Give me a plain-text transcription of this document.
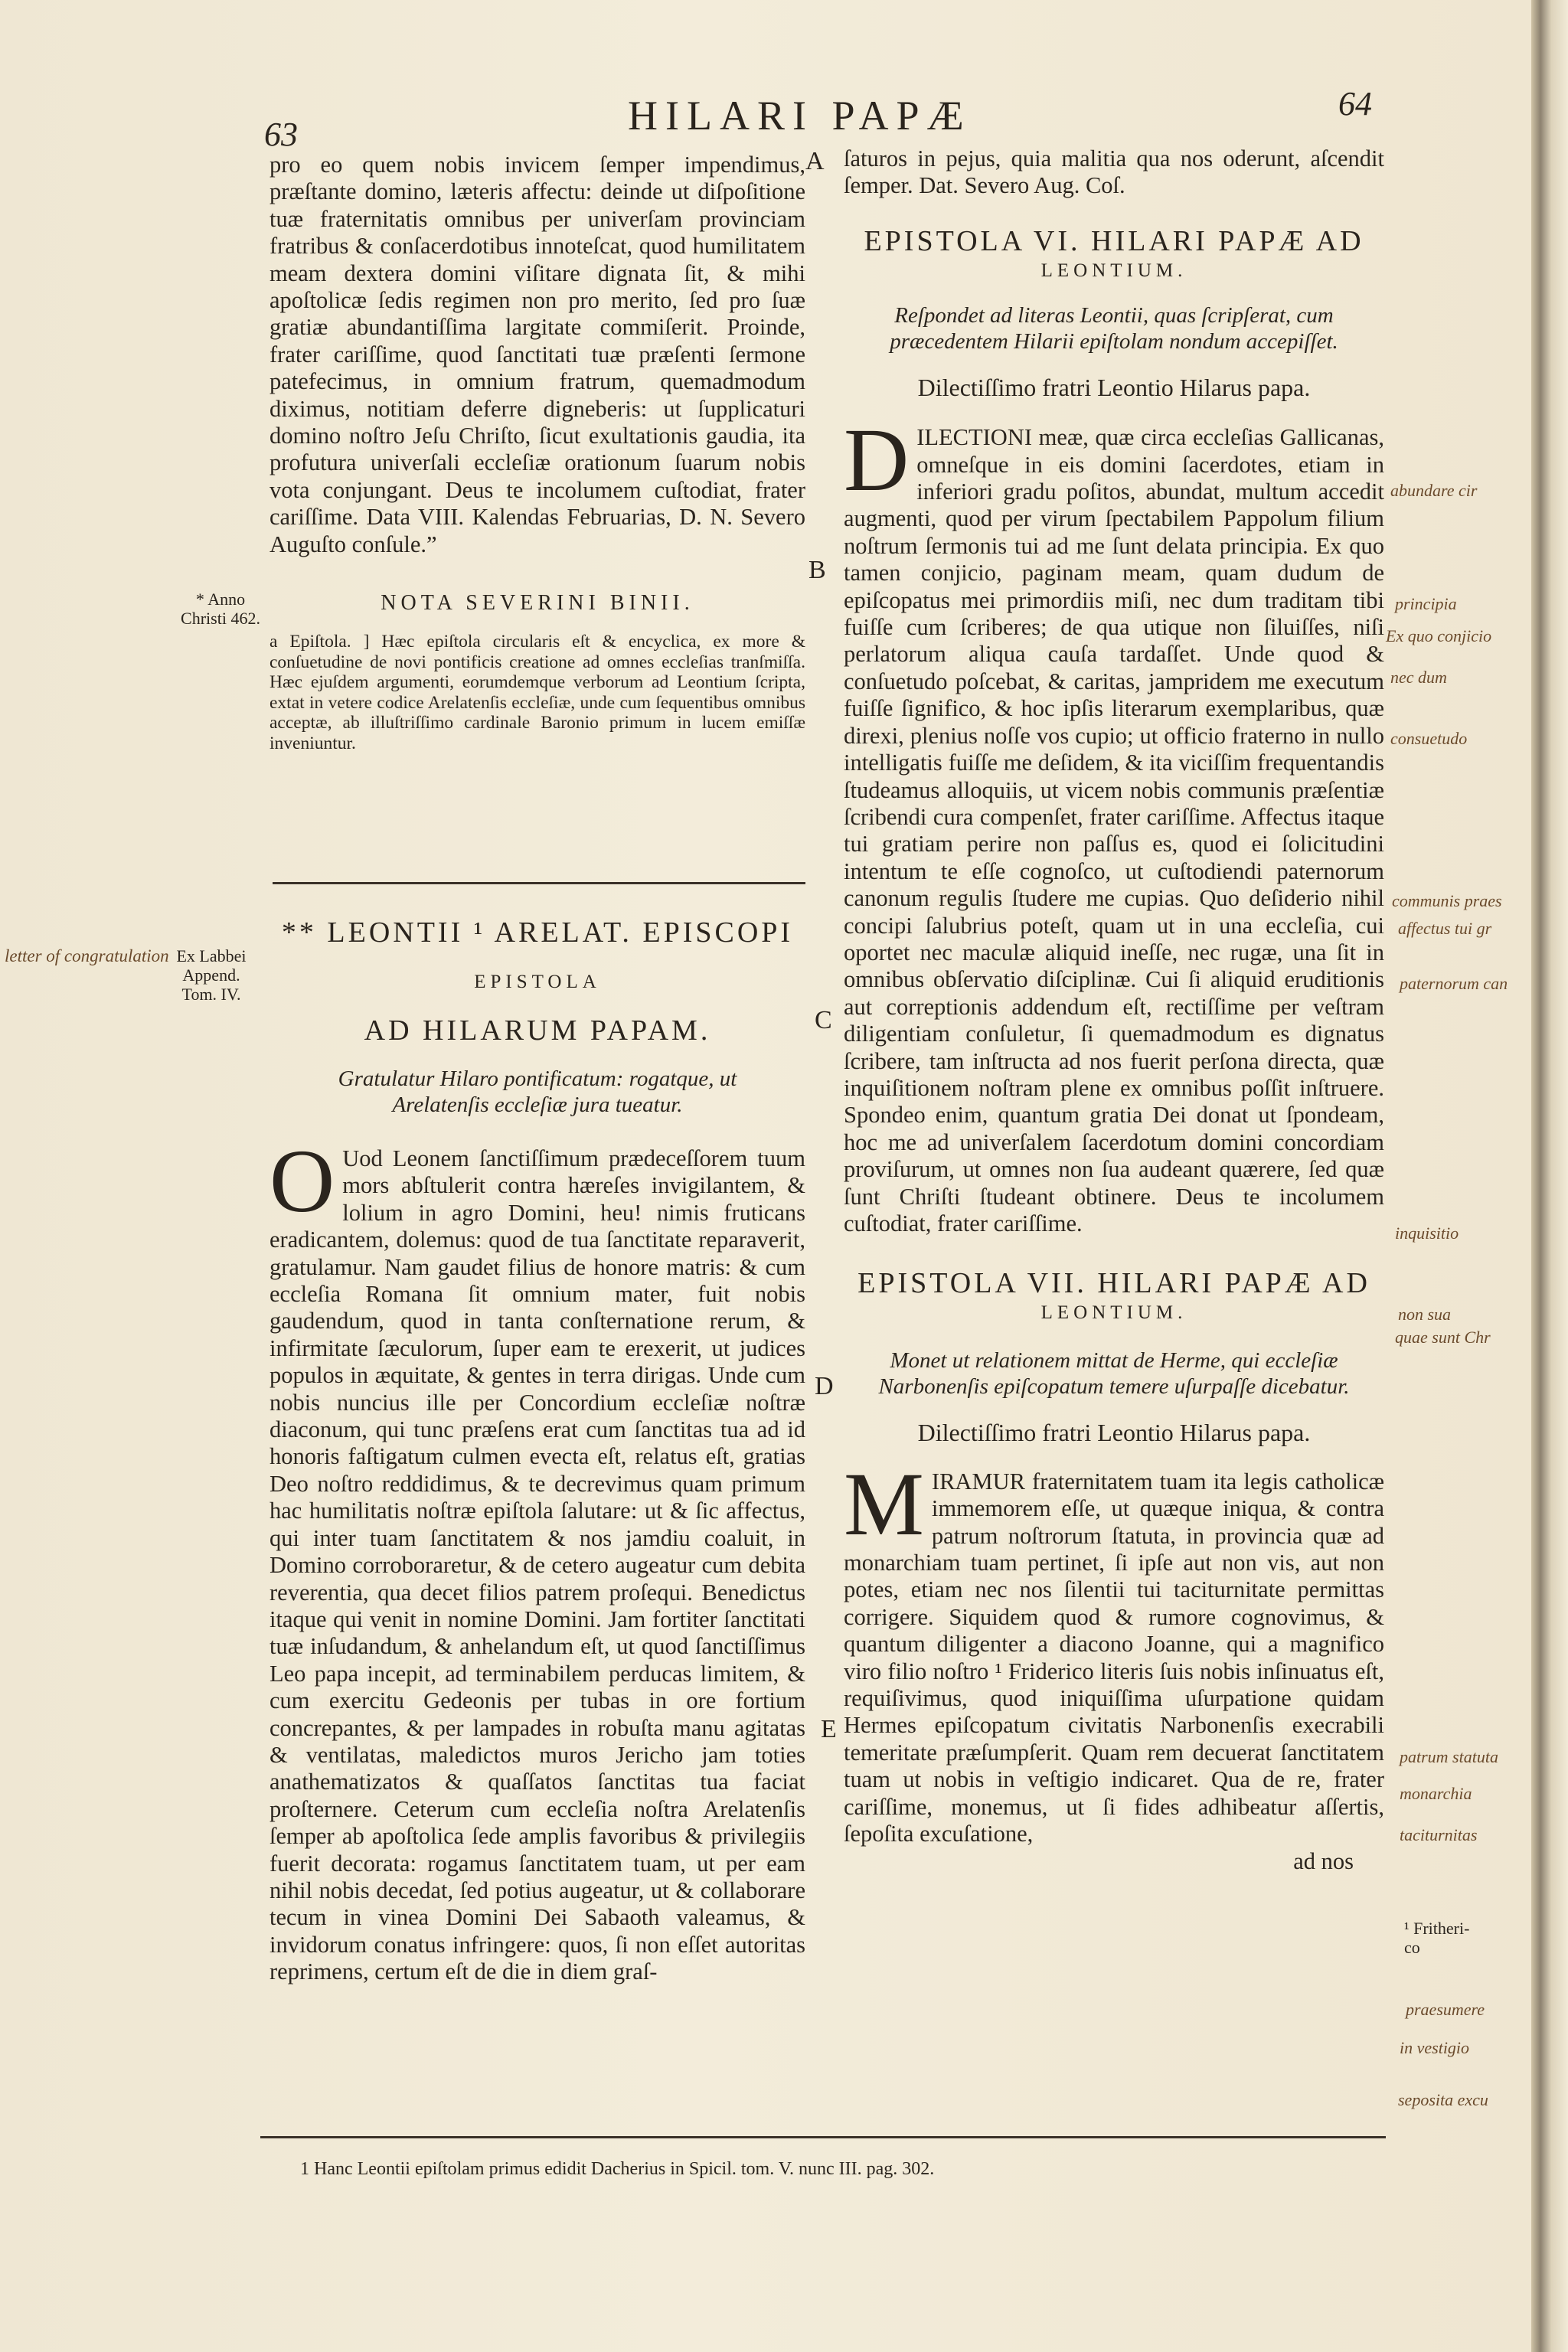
63	HILARI PAPÆ	64

pro eo quem nobis invicem ſemper impendimus, præſtante domino, læteris affectu: deinde ut diſpoſitione tuæ fraternitatis omnibus per univerſam provinciam fratribus & conſacerdotibus innoteſcat, quod humilitatem meam dextera domini viſitare dignata ſit, & mihi apoſtolicæ ſedis regimen non pro merito, ſed pro ſuæ gratiæ abundantiſſima largitate commiſerit. Proinde, frater cariſſime, quod ſanctitati tuæ præſenti ſermone patefecimus, in omnium fratrum, quemadmodum diximus, notitiam deferre digneberis: ut ſupplicaturi domino noſtro Jeſu Chriſto, ſicut exultationis gaudia, ita profutura univerſali eccleſiæ orationum ſuarum nobis vota conjungant. Deus te incolumem cuſtodiat, frater cariſſime. Data VIII. Kalendas Februarias, D. N. Severo Auguſto conſule.”

NOTA SEVERINI BINII.
a Epiſtola. ] Hæc epiſtola circularis eſt & encyclica, ex more & conſuetudine de novi pontificis creatione ad omnes eccleſias tranſmiſſa. Hæc ejuſdem argumenti, eorumdemque verborum ad Leontium ſcripta, extat in vetere codice Arelatenſis eccleſiæ, unde cum ſequentibus omnibus acceptæ, ab illuſtriſſimo cardinale Baronio primum in lucem emiſſæ inveniuntur.
** LEONTII ¹ ARELAT. EPISCOPI
EPISTOLA
AD HILARUM PAPAM.
Gratulatur Hilaro pontificatum: rogatque, ut Arelatenſis eccleſiæ jura tueatur.
O Uod Leonem ſanctiſſimum prædeceſſorem tuum mors abſtulerit contra hæreſes invigilantem, & lolium in agro Domini, heu! nimis fruticans eradicantem, dolemus: quod de tua ſanctitate reparaverit, gratulamur. Nam gaudet filius de honore matris: & cum eccleſia Romana ſit omnium mater, fuit nobis gaudendum, quod in tanta conſternatione rerum, & infirmitate ſæculorum, ſuper eam te erexerit, ut judices populos in æquitate, & gentes in terra dirigas. Unde cum nobis nuncius ille per Concordium eccleſiæ noſtræ diaconum, qui tunc præſens erat cum ſanctitas tua ad id honoris faſtigatum culmen evecta eſt, relatus eſt, gratias Deo noſtro reddidimus, & te decrevimus quam primum hac humilitatis noſtræ epiſtola ſalutare: ut & ſic affectus, qui inter tuam ſanctitatem & nos jamdiu coaluit, in Domino corroboraretur, & de cetero augeatur cum debita reverentia, qua decet filios patrem proſequi. Benedictus itaque qui venit in nomine Domini. Jam fortiter ſanctitati tuæ inſudandum, & anhelandum eſt, ut quod ſanctiſſimus Leo papa incepit, ad terminabilem perducas limitem, & cum exercitu Gedeonis per tubas in ore fortium concrepantes, & per lampades in robuſta manu agitatas & ventilatas, maledictos muros Jericho jam toties anathematizatos & quaſſatos ſanctitas tua faciat proſternere. Ceterum cum eccleſia noſtra Arelatenſis ſemper ab apoſtolica ſede amplis favoribus & privilegiis fuerit decorata: rogamus ſanctitatem tuam, ut per eam nihil nobis decedat, ſed potius augeatur, ut & collaborare tecum in vinea Domini Dei Sabaoth valeamus, & invidorum conatus infringere: quos, ſi non eſſet autoritas reprimens, certum eſt de die in diem graſ-

ſaturos in pejus, quia malitia qua nos oderunt, aſcendit ſemper. Dat. Severo Aug. Coſ.

EPISTOLA VI. HILARI PAPÆ AD
LEONTIUM.
Reſpondet ad literas Leontii, quas ſcripſerat, cum præcedentem Hilarii epiſtolam nondum accepiſſet.
Dilectiſſimo fratri Leontio Hilarus papa.
D ILECTIONI meæ, quæ circa eccleſias Gallicanas, omneſque in eis domini ſacerdotes, etiam in inferiori gradu poſitos, abundat, multum accedit augmenti, quod per virum ſpectabilem Pappolum filium noſtrum ſermonis tui ad me ſunt delata principia. Ex quo tamen conjicio, paginam meam, quam dudum de epiſcopatus mei primordiis miſi, nec dum traditam tibi fuiſſe cum ſcriberes; de qua utique non ſiluiſſes, niſi perlatorum aliqua cauſa tardaſſet. Unde quod & conſuetudo poſcebat, & caritas, jampridem me executum fuiſſe ſignifico, & hoc ipſis literarum exemplaribus, quæ direxi, plenius noſſe vos cupio; ut officio fraterno in nullo intelligatis fuiſſe me deſidem, & ita viciſſim frequentandis ſtudeamus alloquiis, ut vicem nobis communis præſentiæ ſcribendi cura compenſet, frater cariſſime. Affectus itaque tui gratiam perire non paſſus es, quod ei ſolicitudini intentum te eſſe cognoſco, ut cuſtodiendi paternorum canonum regulis ſtudere me cupias. Quo deſiderio nihil concipi ſalubrius poteſt, quam ut in una eccleſia, cui oportet nec maculæ aliquid ineſſe, nec rugæ, una ſit in omnibus obſervatio diſciplinæ. Cui ſi aliquid eruditionis aut correptionis addendum eſt, rectiſſime per veſtram diligentiam conſuletur, ſi quemadmodum es dignatus ſcribere, tam inſtructa ad nos fuerit perſona directa, quæ inquiſitionem noſtram plene ex omnibus poſſit inſtruere. Spondeo enim, quantum gratia Dei donat ut ſpondeam, hoc me ad univerſalem ſacerdotum domini concordiam proviſurum, ut omnes non ſua audeant quærere, ſed quæ ſunt Chriſti ſtudeant obtinere. Deus te incolumem cuſtodiat, frater cariſſime.
EPISTOLA VII. HILARI PAPÆ AD
LEONTIUM.
Monet ut relationem mittat de Herme, qui eccleſiæ Narbonenſis epiſcopatum temere uſurpaſſe dicebatur.
Dilectiſſimo fratri Leontio Hilarus papa.
M IRAMUR fraternitatem tuam ita legis catholicæ immemorem eſſe, ut quæque iniqua, & contra patrum noſtrorum ſtatuta, in provincia quæ ad monarchiam tuam pertinet, ſi ipſe aut non vis, aut non potes, etiam nec nos ſilentii tui taciturnitate permittas corrigere. Siquidem quod & rumore cognovimus, & quantum diligenter a diacono Joanne, qui a magnifico viro filio noſtro ¹ Friderico literis ſuis nobis inſinuatus eſt, requiſivimus, quod iniquiſſima uſurpatione quidam Hermes epiſcopatum civitatis Narbonenſis execrabili temeritate præſumpſerit. Quam rem decuerat ſanctitatem tuam ut nobis in veſtigio indicaret. Qua de re, frater cariſſime, monemus, ut ſi fides adhibeatur aſſertis, ſepoſita excuſatione,
ad nos
A
B
C
D
E
* Anno
Christi 462.
Ex Labbei
Append.
Tom. IV.
letter of congratulation
¹ Fritheri-
co
abundare cir
principia
Ex quo conjicio
nec dum
consuetudo
communis praes
affectus tui gr
paternorum can
inquisitio
non sua
quae sunt Chr
patrum statuta
monarchia
taciturnitas
praesumere
in vestigio
seposita excu
1 Hanc Leontii epiſtolam primus edidit Dacherius in Spicil. tom. V. nunc III. pag. 302.
